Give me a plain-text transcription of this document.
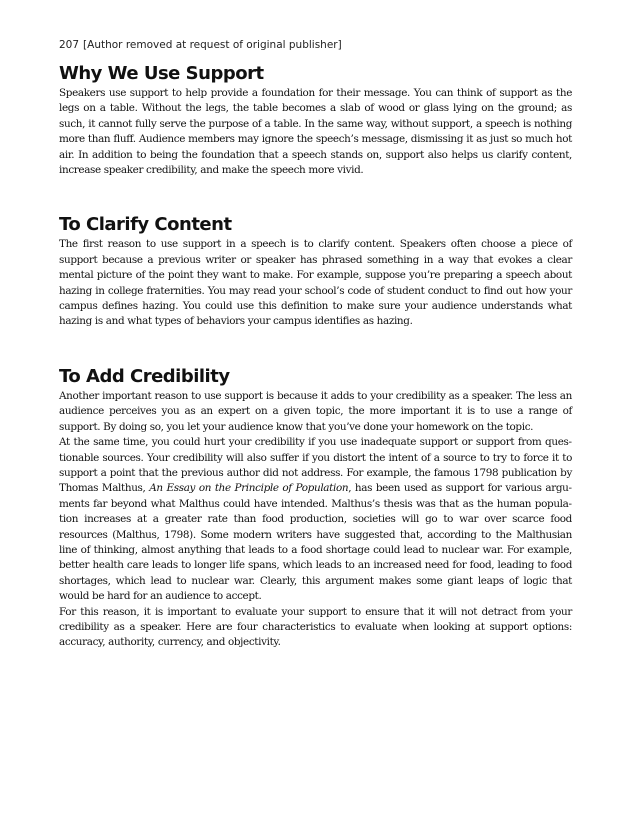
207 [Author removed at request of original publisher]
Why We Use Support

Speakers use support to help provide a foundation for their message. You can think of support as the legs on a table. Without the legs, the table becomes a slab of wood or glass lying on the ground; as such, it cannot fully serve the purpose of a table. In the same way, without support, a speech is nothing more than fluff. Audience members may ignore the speech’s message, dismissing it as just so much hot air. In addition to being the foundation that a speech stands on, support also helps us clarify content, increase speaker credibility, and make the speech more vivid.

To Clarify Content

The first reason to use support in a speech is to clarify content. Speakers often choose a piece of support because a previous writer or speaker has phrased something in a way that evokes a clear mental picture of the point they want to make. For example, suppose you’re preparing a speech about hazing in college fraternities. You may read your school’s code of student conduct to find out how your campus defines hazing. You could use this definition to make sure your audience understands what hazing is and what types of behaviors your campus identifies as hazing.

To Add Credibility

Another important reason to use support is because it adds to your credibility as a speaker. The less an audience perceives you as an expert on a given topic, the more important it is to use a range of support. By doing so, you let your audience know that you’ve done your homework on the topic.

At the same time, you could hurt your credibility if you use inadequate support or support from questionable sources. Your credibility will also suffer if you distort the intent of a source to try to force it to support a point that the previous author did not address. For example, the famous 1798 publication by Thomas Malthus, An Essay on the Principle of Population, has been used as support for various arguments far beyond what Malthus could have intended. Malthus’s thesis was that as the human population increases at a greater rate than food production, societies will go to war over scarce food resources (Malthus, 1798). Some modern writers have suggested that, according to the Malthusian line of thinking, almost anything that leads to a food shortage could lead to nuclear war. For example, better health care leads to longer life spans, which leads to an increased need for food, leading to food shortages, which lead to nuclear war. Clearly, this argument makes some giant leaps of logic that would be hard for an audience to accept.

For this reason, it is important to evaluate your support to ensure that it will not detract from your credibility as a speaker. Here are four characteristics to evaluate when looking at support options: accuracy, authority, currency, and objectivity.
